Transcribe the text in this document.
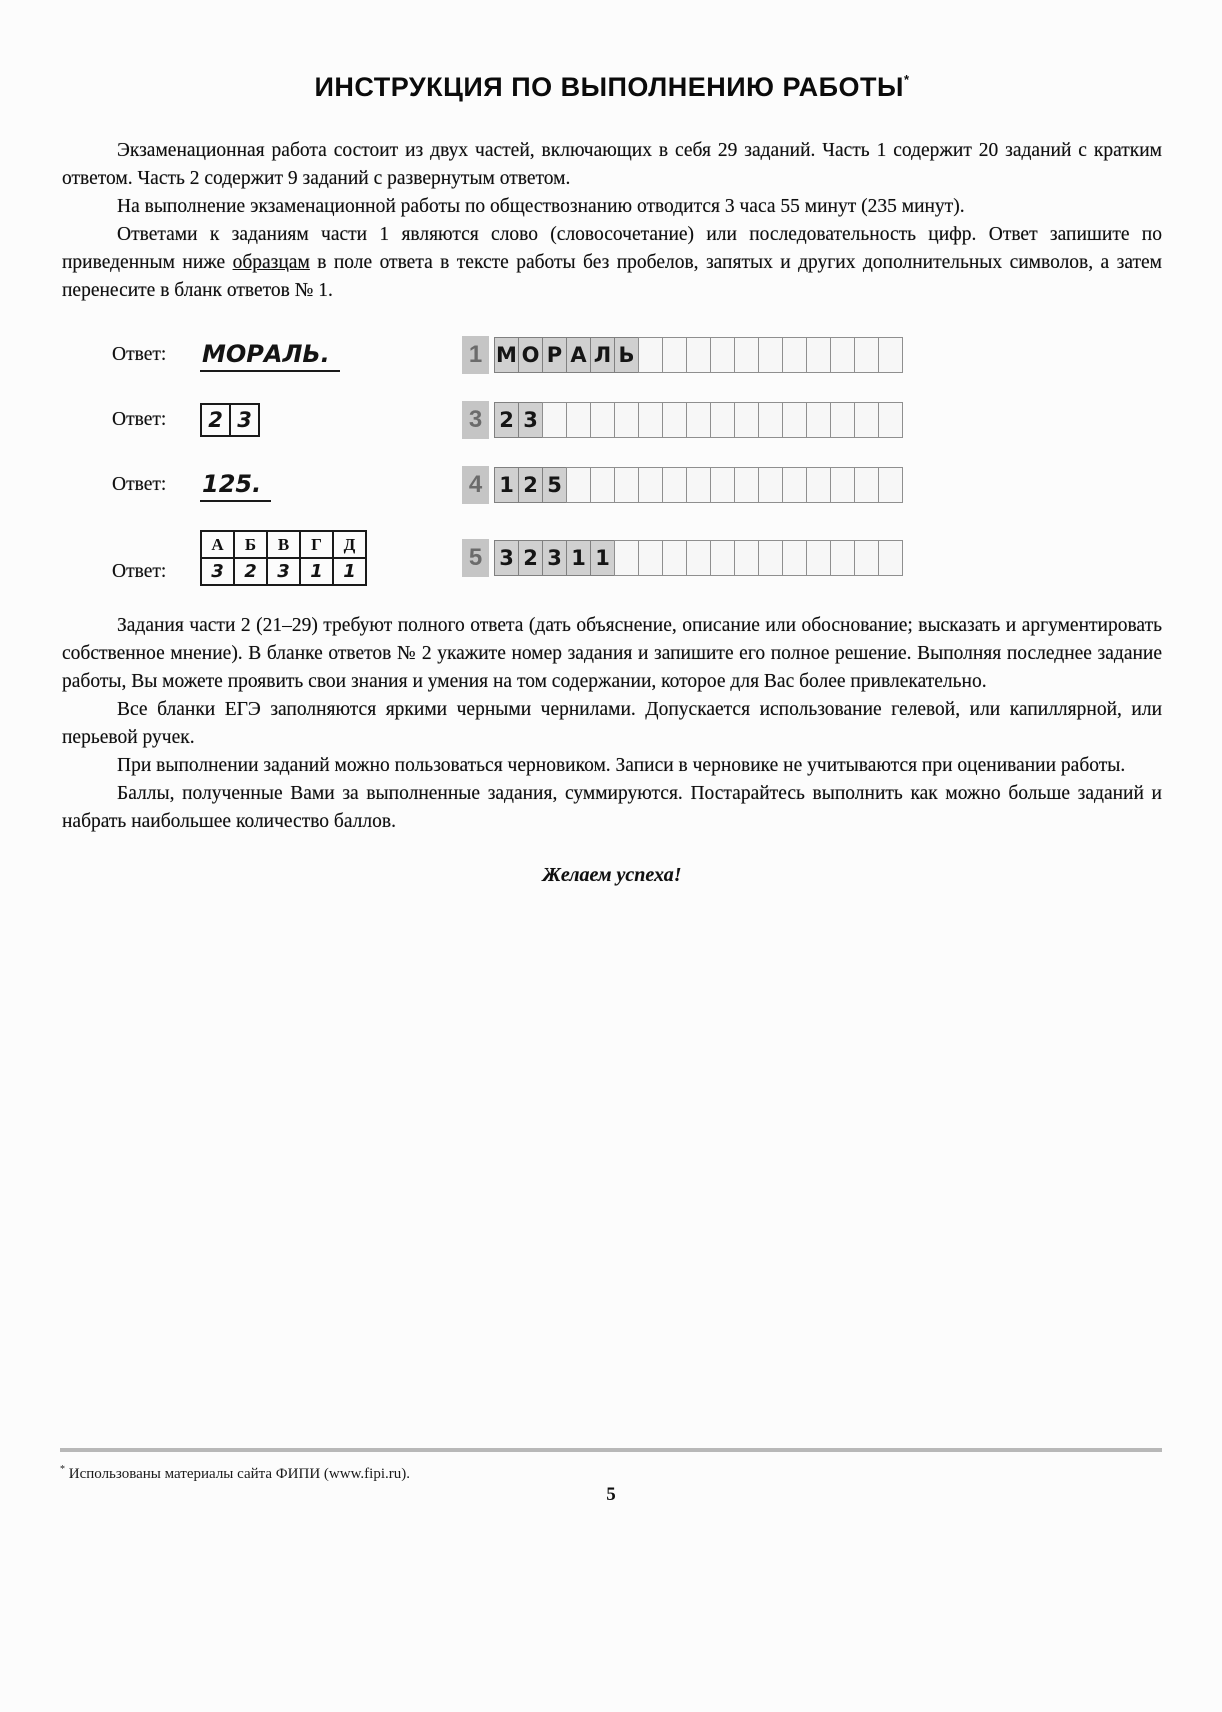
ИНСТРУКЦИЯ ПО ВЫПОЛНЕНИЮ РАБОТЫ*

Экзаменационная работа состоит из двух частей, включающих в себя 29 заданий. Часть 1 содержит 20 заданий с кратким ответом. Часть 2 содержит 9 заданий с развернутым ответом.

На выполнение экзаменационной работы по обществознанию отводится 3 часа 55 минут (235 минут).

Ответами к заданиям части 1 являются слово (словосочетание) или последовательность цифр. Ответ запишите по приведенным ниже образцам в поле ответа в тексте работы без пробелов, запятых и других дополнительных символов, а затем перенесите в бланк ответов № 1.

Ответ:	МОРАЛЬ.	1 М О Р А Л Ь
Ответ:	2 3	3 2 3
Ответ:	125.	4 1 2 5
Ответ:
А	Б	В	Г	Д
3	2	3	1	1
5 3 2 3 1 1

Задания части 2 (21–29) требуют полного ответа (дать объяснение, описание или обоснование; высказать и аргументировать собственное мнение). В бланке ответов № 2 укажите номер задания и запишите его полное решение. Выполняя последнее задание работы, Вы можете проявить свои знания и умения на том содержании, которое для Вас более привлекательно.

Все бланки ЕГЭ заполняются яркими черными чернилами. Допускается использование гелевой, или капиллярной, или перьевой ручек.

При выполнении заданий можно пользоваться черновиком. Записи в черновике не учитываются при оценивании работы.

Баллы, полученные Вами за выполненные задания, суммируются. Постарайтесь выполнить как можно больше заданий и набрать наибольшее количество баллов.

Желаем успеха!

* Использованы материалы сайта ФИПИ (www.fipi.ru).
5
